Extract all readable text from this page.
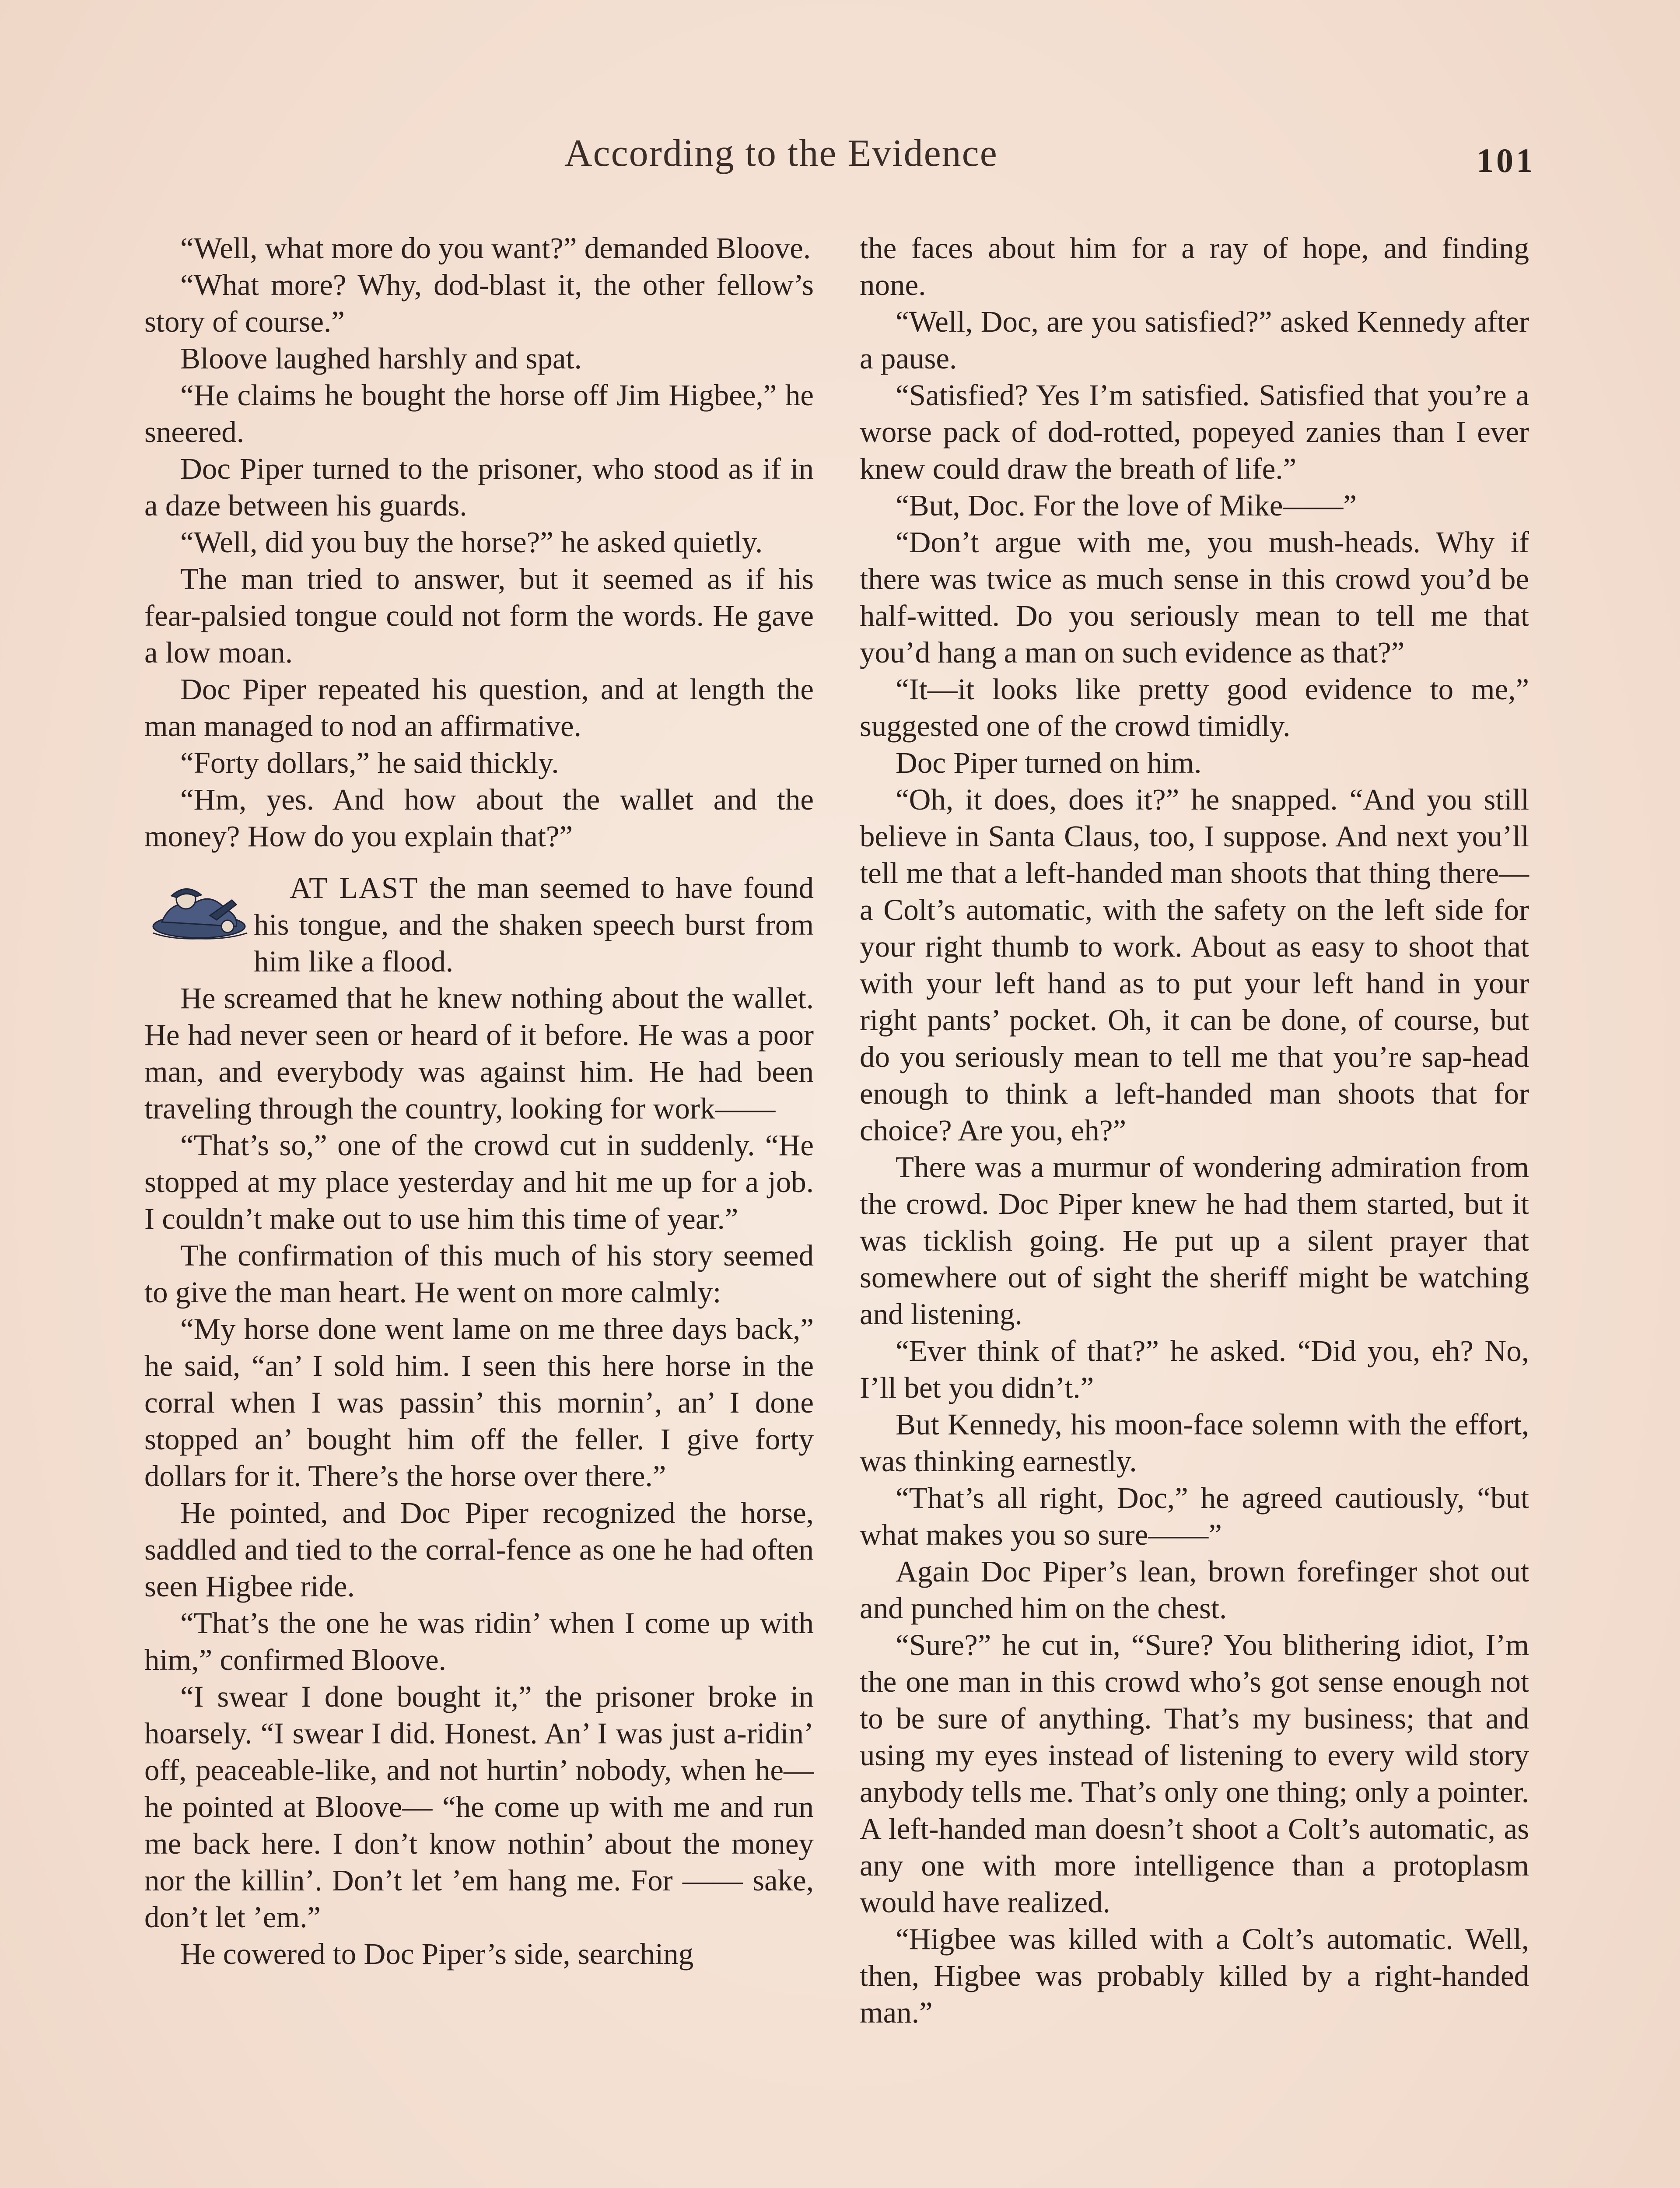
According to the Evidence	101

“Well, what more do you want?” demanded Bloove.

“What more? Why, dod-blast it, the other fellow’s story of course.”

Bloove laughed harshly and spat.

“He claims he bought the horse off Jim Higbee,” he sneered.

Doc Piper turned to the prisoner, who stood as if in a daze between his guards.

“Well, did you buy the horse?” he asked quietly.

The man tried to answer, but it seemed as if his fear-palsied tongue could not form the words. He gave a low moan.

Doc Piper repeated his question, and at length the man managed to nod an affirmative.

“Forty dollars,” he said thickly.

“Hm, yes. And how about the wallet and the money? How do you explain that?”

AT LAST the man seemed to have found his tongue, and the shaken speech burst from him like a flood.

He screamed that he knew nothing about the wallet. He had never seen or heard of it before. He was a poor man, and everybody was against him. He had been traveling through the country, looking for work——

“That’s so,” one of the crowd cut in suddenly. “He stopped at my place yesterday and hit me up for a job. I couldn’t make out to use him this time of year.”

The confirmation of this much of his story seemed to give the man heart. He went on more calmly:

“My horse done went lame on me three days back,” he said, “an’ I sold him. I seen this here horse in the corral when I was passin’ this mornin’, an’ I done stopped an’ bought him off the feller. I give forty dollars for it. There’s the horse over there.”

He pointed, and Doc Piper recognized the horse, saddled and tied to the corral-fence as one he had often seen Higbee ride.

“That’s the one he was ridin’ when I come up with him,” confirmed Bloove.

“I swear I done bought it,” the prisoner broke in hoarsely. “I swear I did. Honest. An’ I was just a-ridin’ off, peaceable-like, and not hurtin’ nobody, when he—he pointed at Bloove— “he come up with me and run me back here. I don’t know nothin’ about the money nor the killin’. Don’t let ’em hang me. For —— sake, don’t let ’em.”

He cowered to Doc Piper’s side, searching

the faces about him for a ray of hope, and finding none.

“Well, Doc, are you satisfied?” asked Kennedy after a pause.

“Satisfied? Yes I’m satisfied. Satisfied that you’re a worse pack of dod-rotted, popeyed zanies than I ever knew could draw the breath of life.”

“But, Doc. For the love of Mike——”

“Don’t argue with me, you mush-heads. Why if there was twice as much sense in this crowd you’d be half-witted. Do you seriously mean to tell me that you’d hang a man on such evidence as that?”

“It—it looks like pretty good evidence to me,” suggested one of the crowd timidly.

Doc Piper turned on him.

“Oh, it does, does it?” he snapped. “And you still believe in Santa Claus, too, I suppose. And next you’ll tell me that a left-handed man shoots that thing there—a Colt’s automatic, with the safety on the left side for your right thumb to work. About as easy to shoot that with your left hand as to put your left hand in your right pants’ pocket. Oh, it can be done, of course, but do you seriously mean to tell me that you’re sap-head enough to think a left-handed man shoots that for choice? Are you, eh?”

There was a murmur of wondering admiration from the crowd. Doc Piper knew he had them started, but it was ticklish going. He put up a silent prayer that somewhere out of sight the sheriff might be watching and listening.

“Ever think of that?” he asked. “Did you, eh? No, I’ll bet you didn’t.”

But Kennedy, his moon-face solemn with the effort, was thinking earnestly.

“That’s all right, Doc,” he agreed cautiously, “but what makes you so sure——”

Again Doc Piper’s lean, brown forefinger shot out and punched him on the chest.

“Sure?” he cut in, “Sure? You blithering idiot, I’m the one man in this crowd who’s got sense enough not to be sure of anything. That’s my business; that and using my eyes instead of listening to every wild story anybody tells me. That’s only one thing; only a pointer. A left-handed man doesn’t shoot a Colt’s automatic, as any one with more intelligence than a protoplasm would have realized.

“Higbee was killed with a Colt’s automatic. Well, then, Higbee was probably killed by a right-handed man.”
